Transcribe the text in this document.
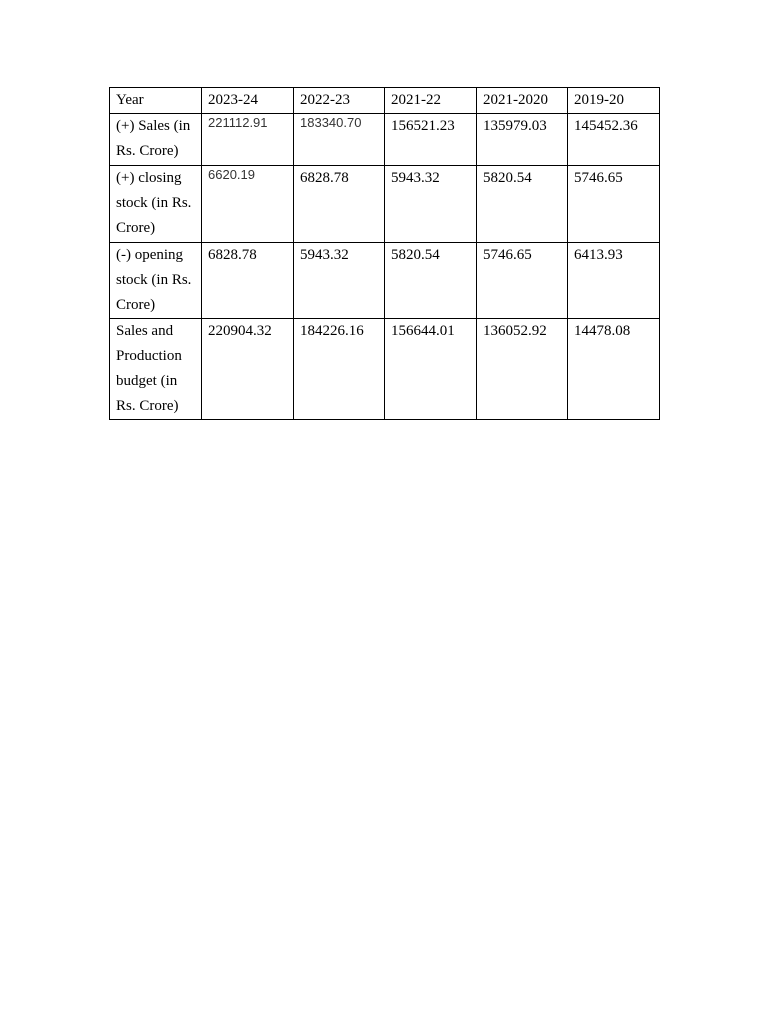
Year	2023-24	2022-23	2021-22	2021-2020	2019-20
(+) Sales (in Rs. Crore)	221112.91	183340.70	156521.23	135979.03	145452.36
(+) closing stock (in Rs. Crore)	6620.19	6828.78	5943.32	5820.54	5746.65
(-) opening stock (in Rs. Crore)	6828.78	5943.32	5820.54	5746.65	6413.93
Sales and Production budget (in Rs. Crore)	220904.32	184226.16	156644.01	136052.92	14478.08
